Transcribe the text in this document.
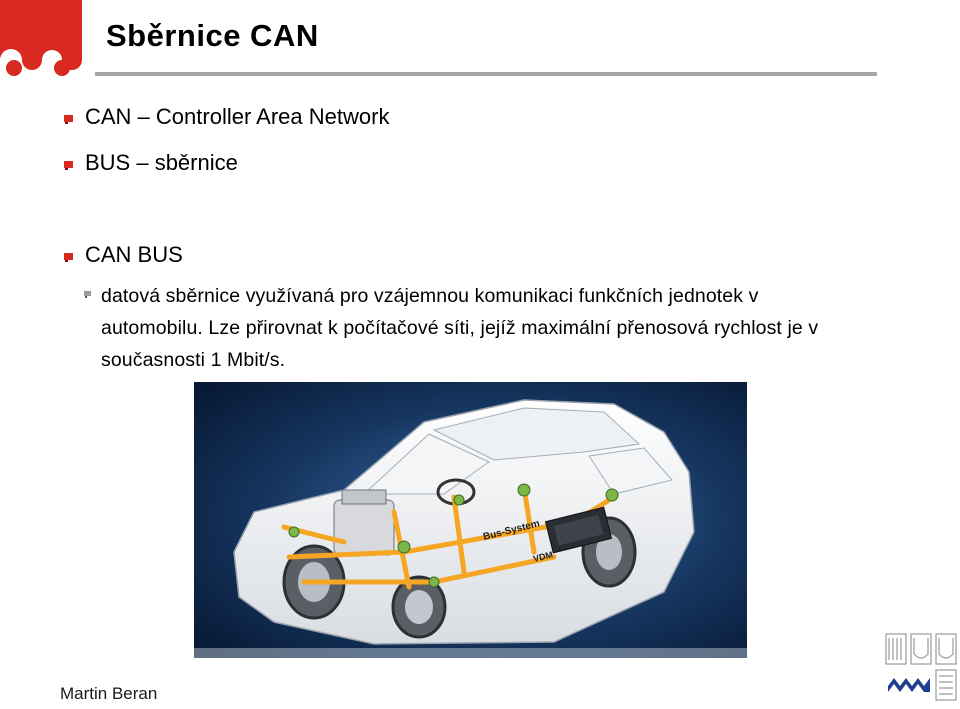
Sběrnice CAN
CAN – Controller Area Network
BUS – sběrnice
CAN BUS
datová sběrnice využívaná pro vzájemnou komunikaci funkčních jednotek v automobilu. Lze přirovnat k počítačové síti, jejíž maximální přenosová rychlost je v současnosti 1 Mbit/s.
Bus-System
VDM
Martin Beran
